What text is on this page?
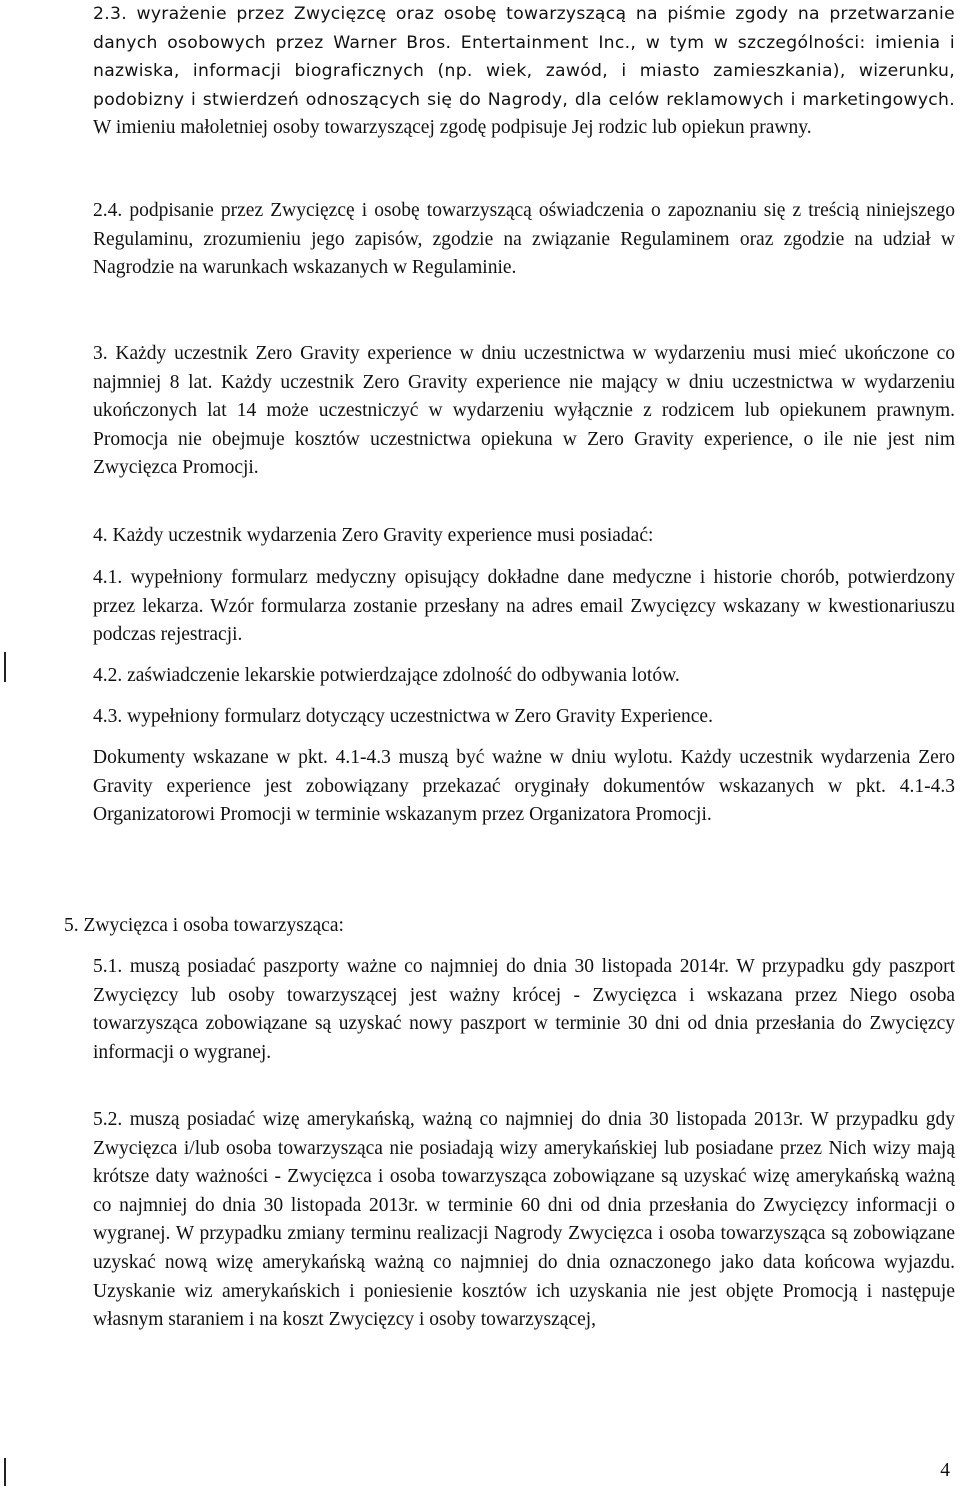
2.3. wyrażenie przez Zwycięzcę oraz osobę towarzyszącą na piśmie zgody na przetwarzanie danych osobowych przez Warner Bros. Entertainment Inc., w tym w szczególności: imienia i nazwiska, informacji biograficznych (np. wiek, zawód, i miasto zamieszkania), wizerunku, podobizny i stwierdzeń odnoszących się do Nagrody, dla celów reklamowych i marketingowych. W imieniu małoletniej osoby towarzyszącej zgodę podpisuje Jej rodzic lub opiekun prawny.

2.4. podpisanie przez Zwycięzcę i osobę towarzyszącą oświadczenia o zapoznaniu się z treścią niniejszego Regulaminu, zrozumieniu jego zapisów, zgodzie na związanie Regulaminem oraz zgodzie na udział w Nagrodzie na warunkach wskazanych w Regulaminie.

3. Każdy uczestnik Zero Gravity experience w dniu uczestnictwa w wydarzeniu musi mieć ukończone co najmniej 8 lat. Każdy uczestnik Zero Gravity experience nie mający w dniu uczestnictwa w wydarzeniu ukończonych lat 14 może uczestniczyć w wydarzeniu wyłącznie z rodzicem lub opiekunem prawnym. Promocja nie obejmuje kosztów uczestnictwa opiekuna w Zero Gravity experience, o ile nie jest nim Zwycięzca Promocji.

4. Każdy uczestnik wydarzenia Zero Gravity experience musi posiadać:

4.1. wypełniony formularz medyczny opisujący dokładne dane medyczne i historie chorób, potwierdzony przez lekarza. Wzór formularza zostanie przesłany na adres email Zwycięzcy wskazany w kwestionariuszu podczas rejestracji.

4.2. zaświadczenie lekarskie potwierdzające zdolność do odbywania lotów.

4.3. wypełniony formularz dotyczący uczestnictwa w Zero Gravity Experience.

Dokumenty wskazane w pkt. 4.1-4.3 muszą być ważne w dniu wylotu. Każdy uczestnik wydarzenia Zero Gravity experience jest zobowiązany przekazać oryginały dokumentów wskazanych w pkt. 4.1-4.3 Organizatorowi Promocji w terminie wskazanym przez Organizatora Promocji.

5. Zwycięzca i osoba towarzysząca:

5.1. muszą posiadać paszporty ważne co najmniej do dnia 30 listopada 2014r. W przypadku gdy paszport Zwycięzcy lub osoby towarzyszącej jest ważny krócej - Zwycięzca i wskazana przez Niego osoba towarzysząca zobowiązane są uzyskać nowy paszport w terminie 30 dni od dnia przesłania do Zwycięzcy informacji o wygranej.

5.2. muszą posiadać wizę amerykańską, ważną co najmniej do dnia 30 listopada 2013r. W przypadku gdy Zwycięzca i/lub osoba towarzysząca nie posiadają wizy amerykańskiej lub posiadane przez Nich wizy mają krótsze daty ważności - Zwycięzca i osoba towarzysząca zobowiązane są uzyskać wizę amerykańską ważną co najmniej do dnia 30 listopada 2013r. w terminie 60 dni od dnia przesłania do Zwycięzcy informacji o wygranej. W przypadku zmiany terminu realizacji Nagrody Zwycięzca i osoba towarzysząca są zobowiązane uzyskać nową wizę amerykańską ważną co najmniej do dnia oznaczonego jako data końcowa wyjazdu. Uzyskanie wiz amerykańskich i poniesienie kosztów ich uzyskania nie jest objęte Promocją i następuje własnym staraniem i na koszt Zwycięzcy i osoby towarzyszącej,

4
